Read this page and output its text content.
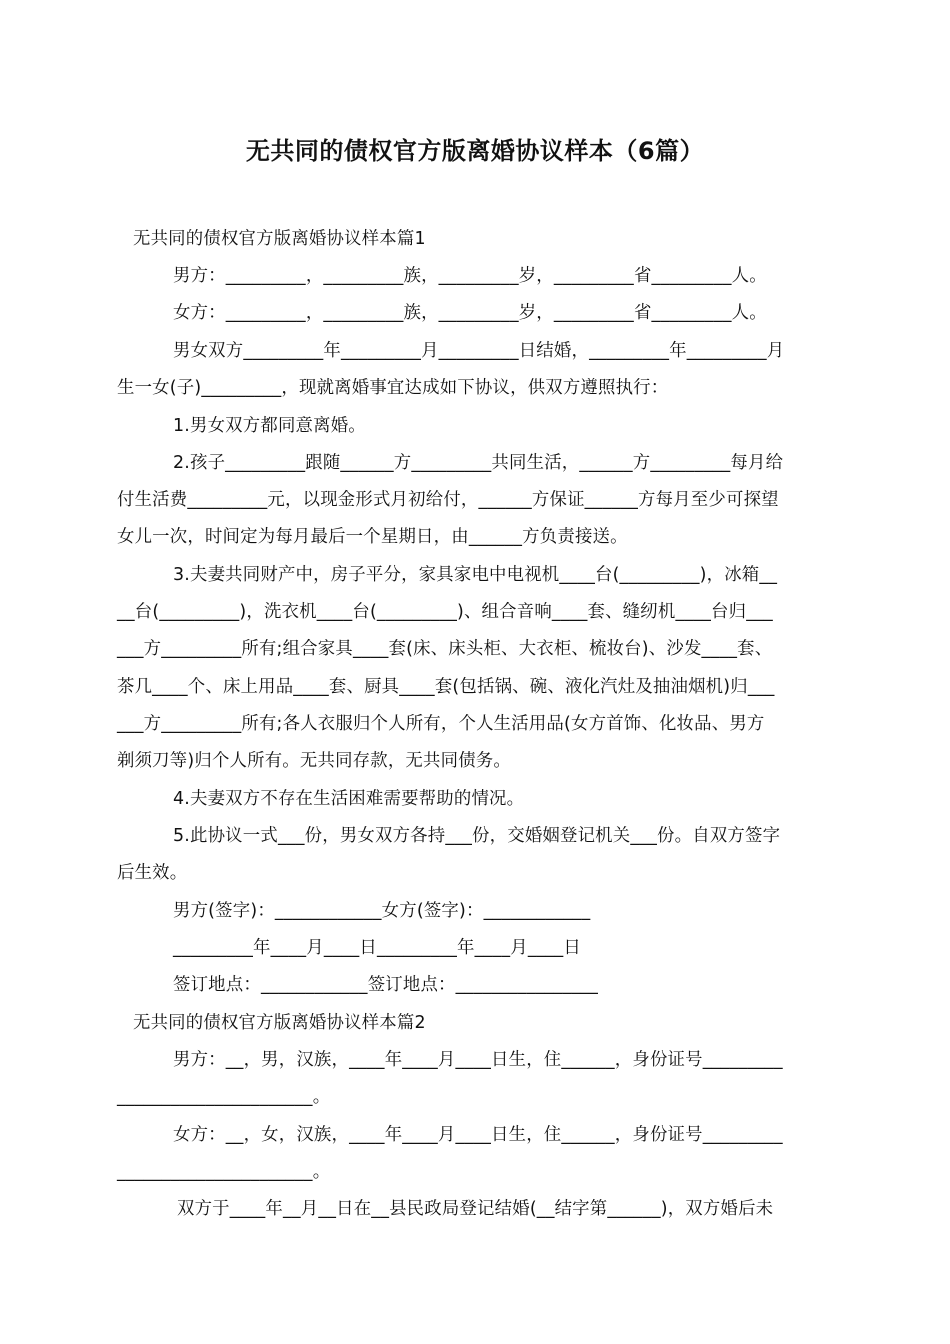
无共同的债权官方版离婚协议样本（6篇）
无共同的债权官方版离婚协议样本篇1
男方：_________，_________族，_________岁，_________省_________人。
女方：_________，_________族，_________岁，_________省_________人。
男女双方_________年_________月_________日结婚，_________年_________月
生一女(子)_________，现就离婚事宜达成如下协议，供双方遵照执行：
1.男女双方都同意离婚。
2.孩子_________跟随______方_________共同生活，______方_________每月给
付生活费_________元，以现金形式月初给付，______方保证______方每月至少可探望
女儿一次，时间定为每月最后一个星期日，由______方负责接送。
3.夫妻共同财产中，房子平分，家具家电中电视机____台(_________)，冰箱__
__台(_________)，洗衣机____台(_________)、组合音响____套、缝纫机____台归___
___方_________所有;组合家具____套(床、床头柜、大衣柜、梳妆台)、沙发____套、
茶几____个、床上用品____套、厨具____套(包括锅、碗、液化汽灶及抽油烟机)归___
___方_________所有;各人衣服归个人所有，个人生活用品(女方首饰、化妆品、男方
剃须刀等)归个人所有。无共同存款，无共同债务。
4.夫妻双方不存在生活困难需要帮助的情况。
5.此协议一式___份，男女双方各持___份，交婚姻登记机关___份。自双方签字
后生效。
男方(签字)：____________女方(签字)：____________
_________年____月____日_________年____月____日
签订地点：____________签订地点：________________
无共同的债权官方版离婚协议样本篇2
男方：__，男，汉族，____年____月____日生，住______，身份证号_________
______________________。
女方：__，女，汉族，____年____月____日生，住______，身份证号_________
______________________。
双方于____年__月__日在__县民政局登记结婚(__结字第______)，双方婚后未
